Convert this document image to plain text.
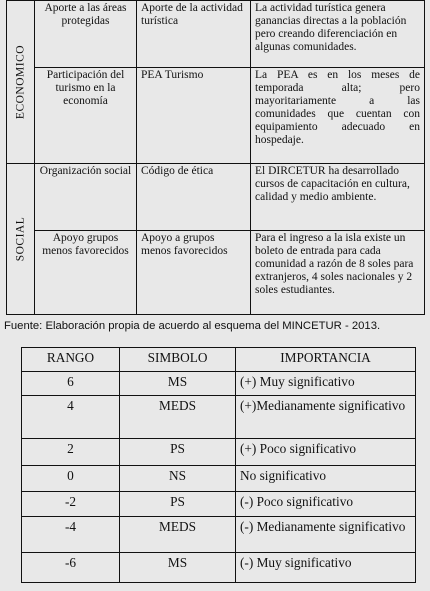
ECONOMICO	Aporte a las áreas protegidas	Aporte de la actividad turística	La actividad turística genera ganancias directas a la población pero creando diferenciación en algunas comunidades.
	Participación del turismo en la economía	PEA Turismo	La PEA es en los meses de temporada alta; pero mayoritariamente a las comunidades que cuentan con equipamiento adecuado en hospedaje.

SOCIAL	Organización social	Código de ética	El DIRCETUR ha desarrollado cursos de capacitación en cultura, calidad y medio ambiente.
	Apoyo grupos menos favorecidos	Apoyo a grupos menos favorecidos	Para el ingreso a la isla existe un boleto de entrada para cada comunidad a razón de 8 soles para extranjeros, 4 soles nacionales y 2 soles estudiantes.
Fuente: Elaboración propia de acuerdo al esquema del MINCETUR - 2013.
RANGO	SIMBOLO	IMPORTANCIA
6	MS	(+) Muy significativo
4	MEDS	(+)Medianamente significativo
2	PS	(+) Poco significativo
0	NS	No significativo
-2	PS	(-) Poco significativo
-4	MEDS	(-) Medianamente significativo
-6	MS	(-) Muy significativo
